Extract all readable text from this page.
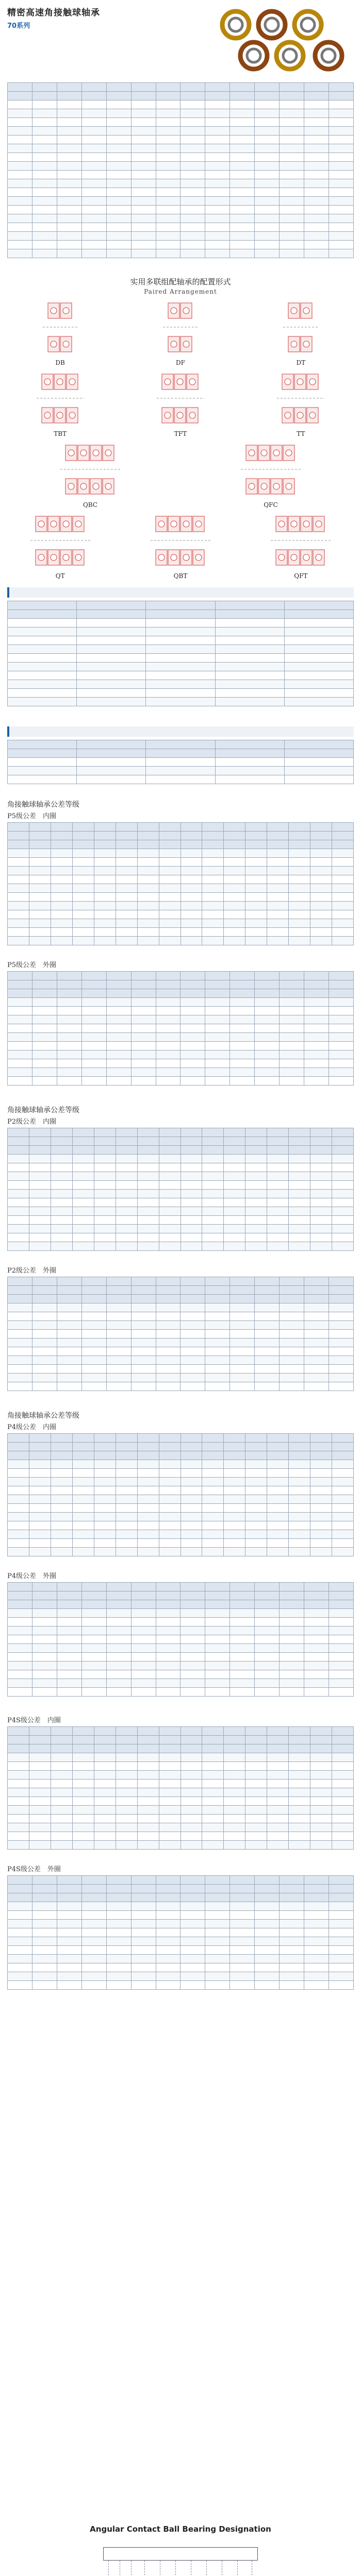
精密高速角接触球轴承
70系列

实用多联组配轴承的配置形式
Paired Arrangement
DB	DF	DT
TBT	TFT	TT
QBC	QFC
QT	QBT	QFT

角接触球轴承公差等级
P5级公差　内圈

P5级公差　外圈

角接触球轴承公差等级
P2级公差　内圈

P2级公差　外圈

角接触球轴承公差等级
P4级公差　内圈

P4级公差　外圈

P4S级公差　内圈

P4S级公差　外圈

Angular Contact Ball Bearing Designation
